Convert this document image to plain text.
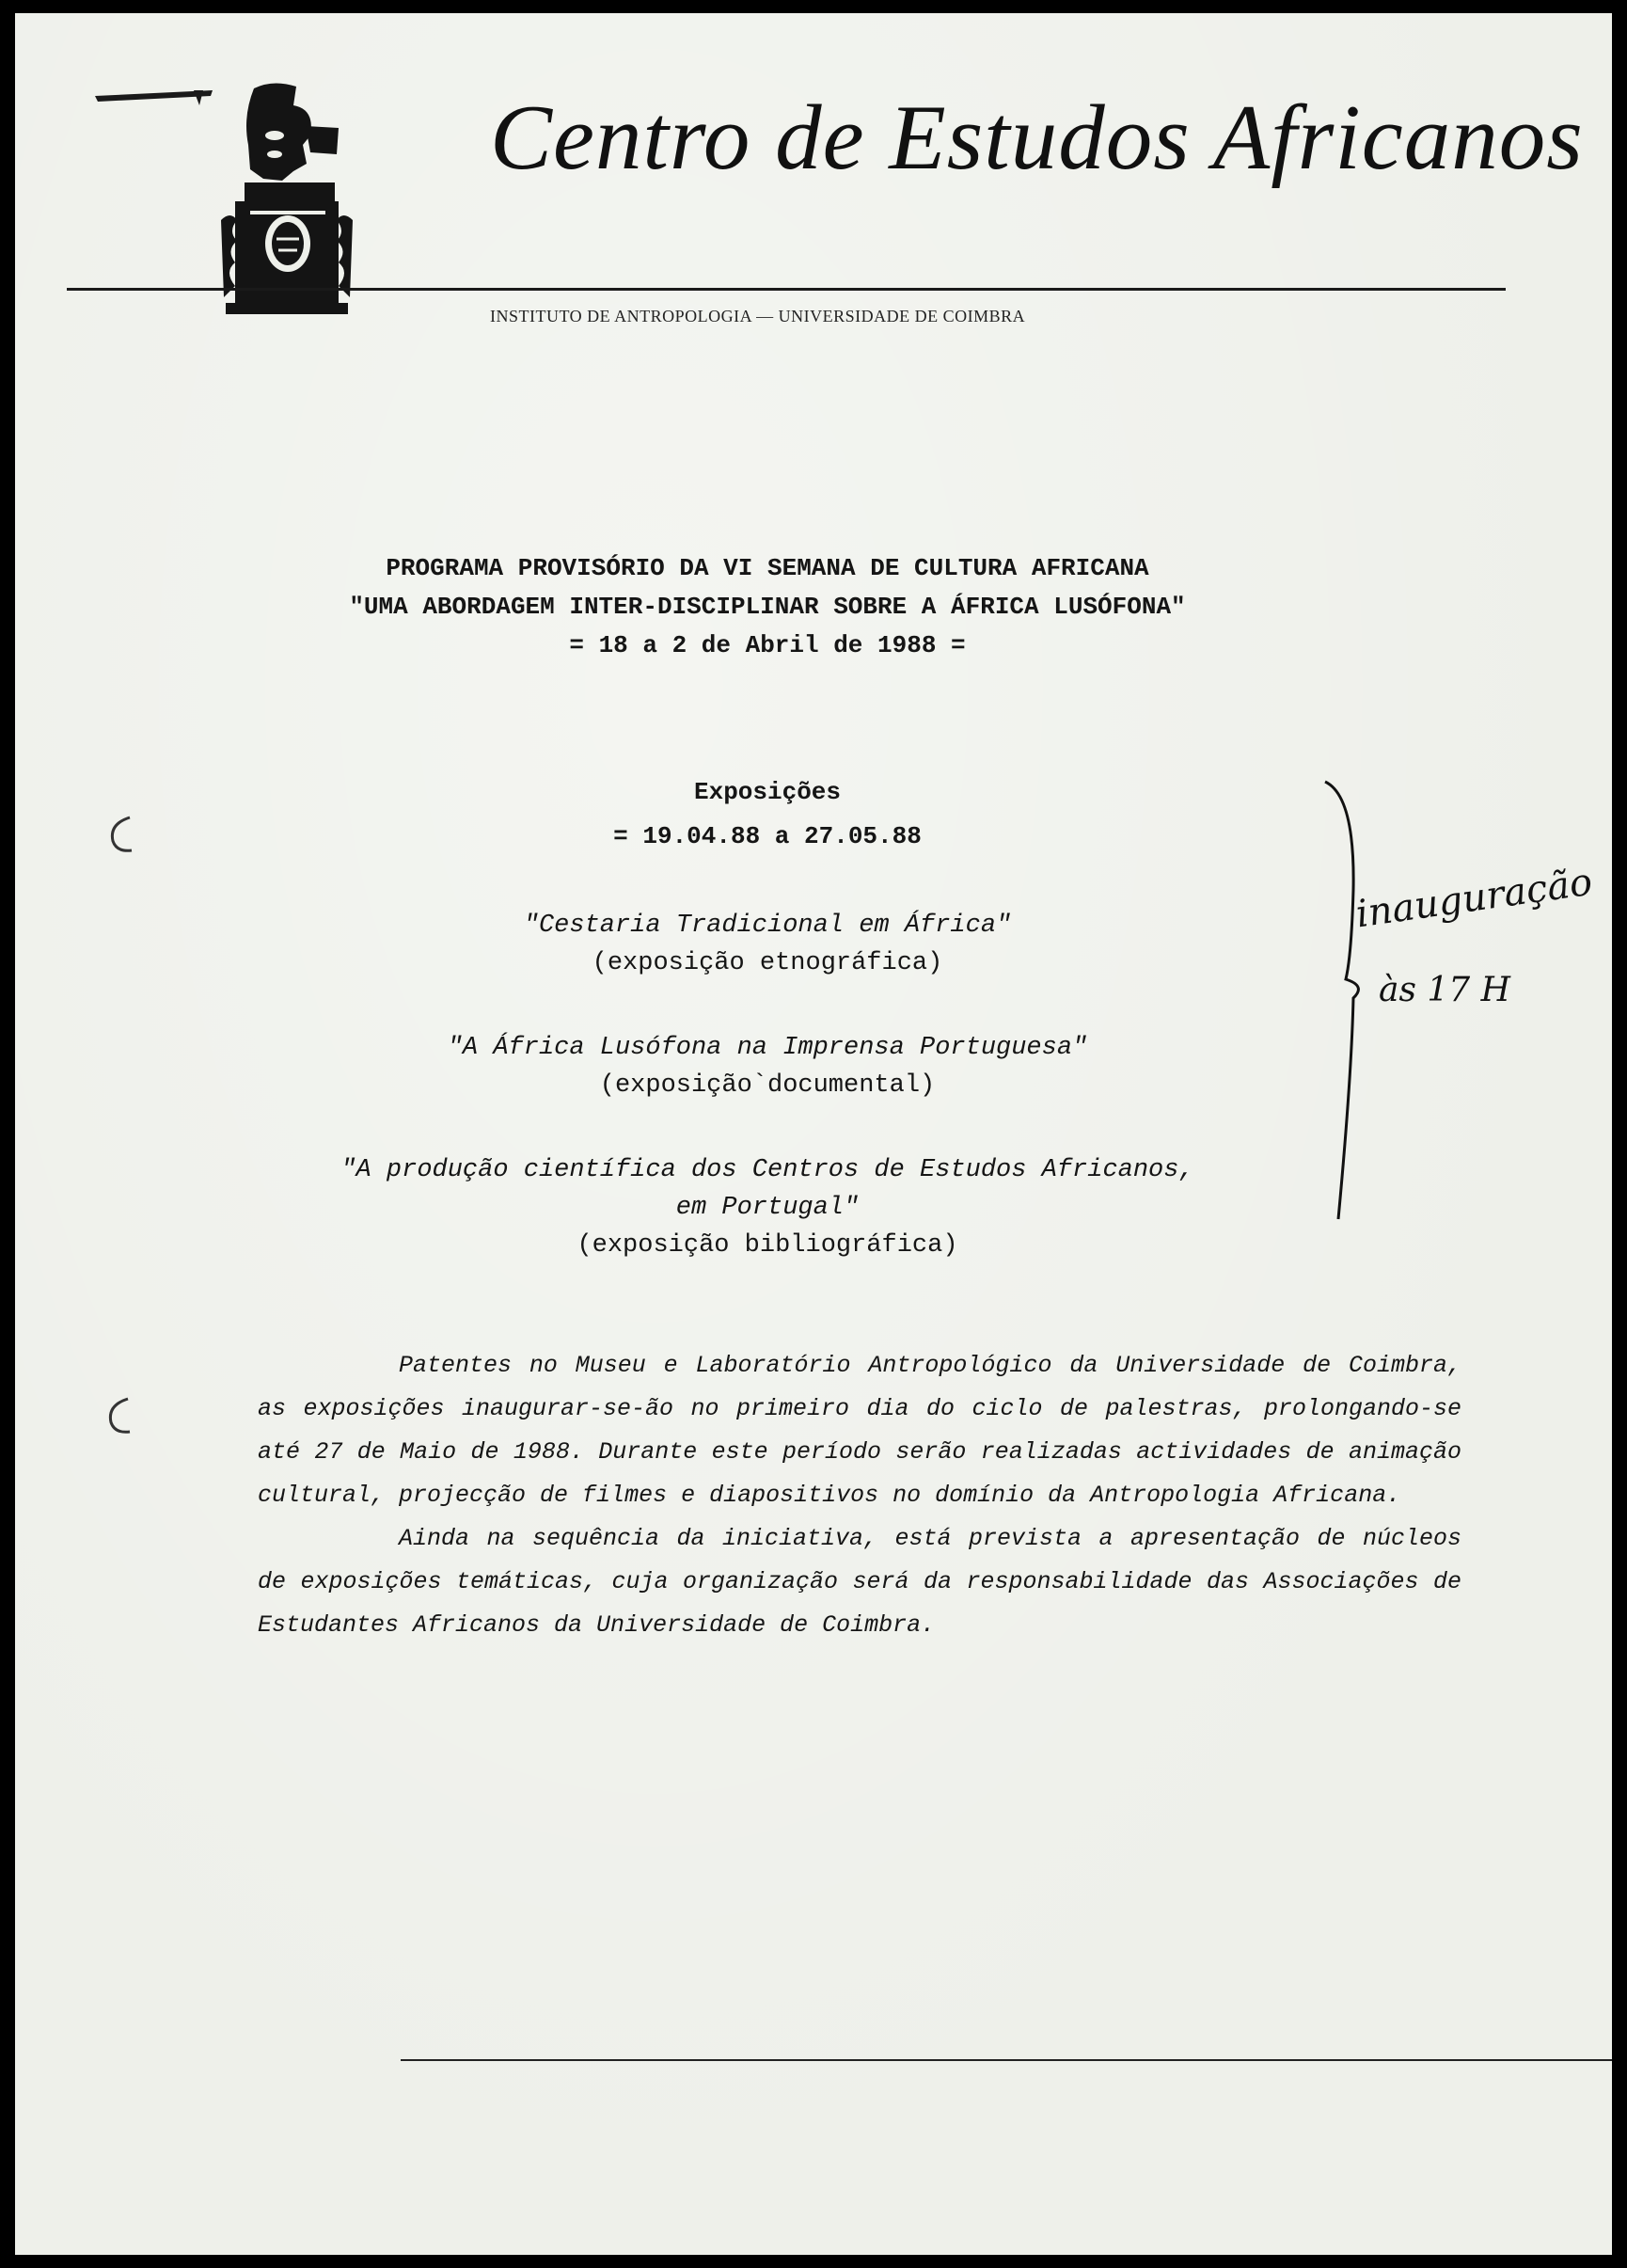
Centro de Estudos Africanos
INSTITUTO DE ANTROPOLOGIA — UNIVERSIDADE DE COIMBRA
PROGRAMA PROVISÓRIO DA VI SEMANA DE CULTURA AFRICANA
"UMA ABORDAGEM INTER-DISCIPLINAR SOBRE A ÁFRICA LUSÓFONA"
= 18 a 2 de Abril de 1988 =
Exposições
= 19.04.88 a 27.05.88
"Cestaria Tradicional em África"
(exposição etnográfica)
"A África Lusófona na Imprensa Portuguesa"
(exposição`documental)
"A produção científica dos Centros de Estudos Africanos,
em Portugal"
(exposição bibliográfica)
inauguração
às 17 H

Patentes no Museu e Laboratório Antropológico da Universidade de Coimbra, as exposições inaugurar-se-ão no primeiro dia do ciclo de palestras, prolongando-se até 27 de Maio de 1988. Durante este período serão realizadas actividades de animação cultural, projecção de filmes e diapositivos no domínio da Antropologia Africana.

Ainda na sequência da iniciativa, está prevista a apresentação de núcleos de exposições temáticas, cuja organização será da responsabilidade das Associações de Estudantes Africanos da Universidade de Coimbra.
